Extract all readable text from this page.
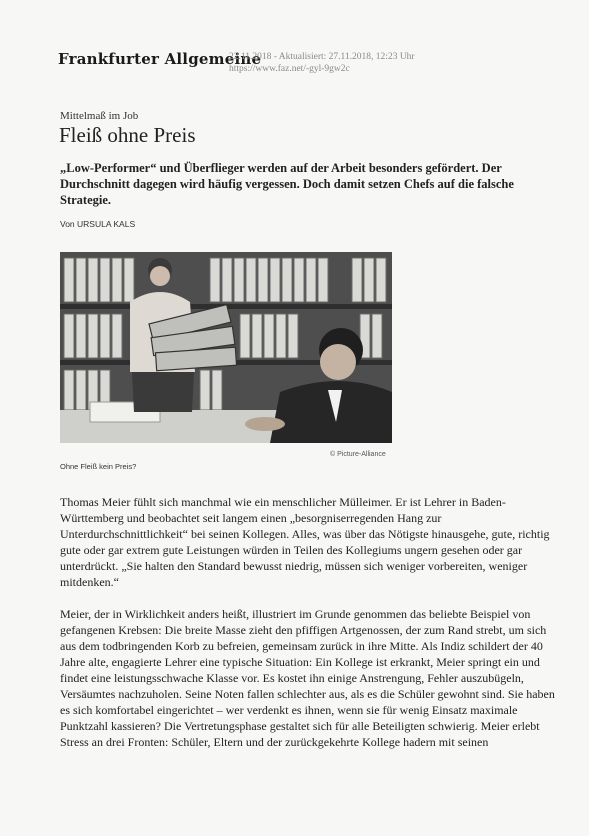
Frankfurter Allgemeine
22.11.2018 - Aktualisiert: 27.11.2018, 12:23 Uhr
https://www.faz.net/-gyl-9gw2c
Mittelmaß im Job
Fleiß ohne Preis
„Low-Performer“ und Überflieger werden auf der Arbeit besonders gefördert. Der Durchschnitt dagegen wird häufig vergessen. Doch damit setzen Chefs auf die falsche Strategie.
Von URSULA KALS
© Picture-Alliance
Ohne Fleiß kein Preis?

Thomas Meier fühlt sich manchmal wie ein menschlicher Mülleimer. Er ist Lehrer in Baden-Württemberg und beobachtet seit langem einen „besorgniserregenden Hang zur Unterdurchschnittlichkeit“ bei seinen Kollegen. Alles, was über das Nötigste hinausgehe, gute, richtig gute oder gar extrem gute Leistungen würden in Teilen des Kollegiums ungern gesehen oder gar unterdrückt. „Sie halten den Standard bewusst niedrig, müssen sich weniger vorbereiten, weniger mitdenken.“

Meier, der in Wirklichkeit anders heißt, illustriert im Grunde genommen das beliebte Beispiel von gefangenen Krebsen: Die breite Masse zieht den pfiffigen Artgenossen, der zum Rand strebt, um sich aus dem todbringenden Korb zu befreien, gemeinsam zurück in ihre Mitte. Als Indiz schildert der 40 Jahre alte, engagierte Lehrer eine typische Situation: Ein Kollege ist erkrankt, Meier springt ein und findet eine leistungsschwache Klasse vor. Es kostet ihn einige Anstrengung, Fehler auszubügeln, Versäumtes nachzuholen. Seine Noten fallen schlechter aus, als es die Schüler gewohnt sind. Sie haben es sich komfortabel eingerichtet – wer verdenkt es ihnen, wenn sie für wenig Einsatz maximale Punktzahl kassieren? Die Vertretungsphase gestaltet sich für alle Beteiligten schwierig. Meier erlebt Stress an drei Fronten: Schüler, Eltern und der zurückgekehrte Kollege hadern mit seinen
